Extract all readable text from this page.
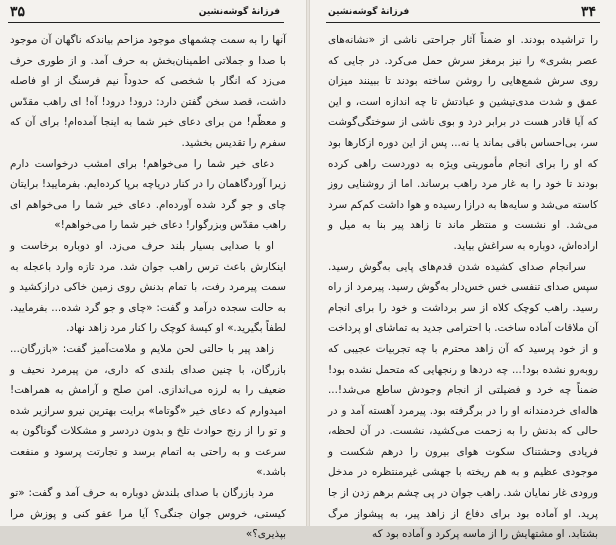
۳۵	فرزانهٔ گوشه‌نشین

آنها را به سمت چشمهای موجود مزاحم بیاندکه ناگهان آن موجود با صدا و جملاتی اطمینان‌بخش به حرف آمد. و از طوری حرف می‌زد که انگار با شخصی که حدوداً نیم فرسنگ از او فاصله داشت، قصد سخن گفتن دارد: درود! درود! آه! ای راهب مقدّس و معظّم! من برای دعای خیر شما به اینجا آمده‌ام! برای آن که سفرم را تقدیس بخشید.

دعای خیر شما را می‌خواهم! برای امشب درخواست دارم زیرا آوردگاهمان را در کنار دریاچه برپا کرده‌ایم. بفرمایید! برایتان چای و جو گرد شده آورده‌ام. دعای خیر شما را می‌خواهم ای راهب مقدّس وبزرگوار! دعای خیر شما را می‌خواهم!»

او با صدایی بسیار بلند حرف می‌زد. او دوباره برخاست و اینکارش باعث ترس راهب جوان شد. مرد تازه وارد باعجله به سمت پیرمرد رفت، با تمام بدنش روی زمین خاکی درازکشید و به حالت سجده درآمد و گفت: «چای و جو گرد شده... بفرمایید. لطفاً بگیرید.» او کیسهٔ کوچک را کنار مرد زاهد نهاد.

زاهد پیر با حالتی لحن ملایم و ملامت‌آمیز گفت: «بازرگان... بازرگان، با چنین صدای بلندی که داری، من پیرمرد نحیف و ضعیف را به لرزه می‌اندازی. امن صلح و آرامش به همراهت! امیدوارم که دعای خیر «گوتاما» برایت بهترین نیرو سرازیر شده و تو را از رنج حوادث تلخ و بدون دردسر و مشکلات گوناگون به سرعت و به راحتی به اتمام برسد و تجارتت پرسود و منفعت باشد.»

مرد بازرگان با صدای بلندش دوباره به حرف آمد و گفت: «تو کیستی، خروس جوان جنگی؟ آیا مرا عفو کنی و پوزش مرا بپذیری؟»

۳۴
فرزانهٔ گوشه‌نشین

را تراشیده بودند. او ضمناً آثار جراحتی ناشی از «نشانه‌های عصر بشری» را نیز برمغز سرش حمل می‌کرد. در جایی که روی سرش شمع‌هایی را روشن ساخته بودند تا ببینند میزان عمق و شدت مدی‌تیشین و عبادتش تا چه اندازه است، و این که آیا قادر هست در برابر درد و بوی ناشی از سوختگی‌گوشت سر، بی‌احساس باقی بماند یا نه... پس از این دوره ازکارها بود که او را برای انجام مأموریتی ویژه به دوردست راهی کرده بودند تا خود را به غار مرد راهب برساند. اما از روشنایی روز کاسته می‌شد و سایه‌ها به درازا رسیده و هوا داشت کم‌کم سرد می‌شد. او نشست و منتظر ماند تا زاهد پیر بنا به میل و اراده‌اش، دوباره به سراغش بیاید.

سرانجام صدای کشیده شدن قدم‌های پایی به‌گوش رسید. سپس صدای تنفسی خس خس‌دار به‌گوش رسید. پیرمرد از راه رسید. راهب کوچک کلاه از سر برداشت و خود را برای انجام آن ملاقات آماده ساخت. با احترامی جدید به تماشای او پرداخت و از خود پرسید که آن زاهد محترم با چه تجربیات عجیبی که روبه‌رو نشده بود!... چه دردها و رنجهایی که متحمل نشده بود! ضمناً چه خرد و فضیلتی از انجام وجودش ساطع می‌شد!... هاله‌ای خردمندانه او را در برگرفته بود. پیرمرد آهسته آمد و در حالی که بدنش را به زحمت می‌کشید، نشست. در آن لحظه، فریادی وحشتناک سکوت هوای بیرون را درهم شکست و موجودی عظیم و به هم ریخته با جهشی غیرمنتظره در مدخل ورودی غار نمایان شد. راهب جوان در پی چشم برهم زدن از جا پرید. او آماده بود برای دفاع از زاهد پیر، به پیشواز مرگ بشتابد. او مشتهایش را از ماسه پرکرد و آماده بود که
